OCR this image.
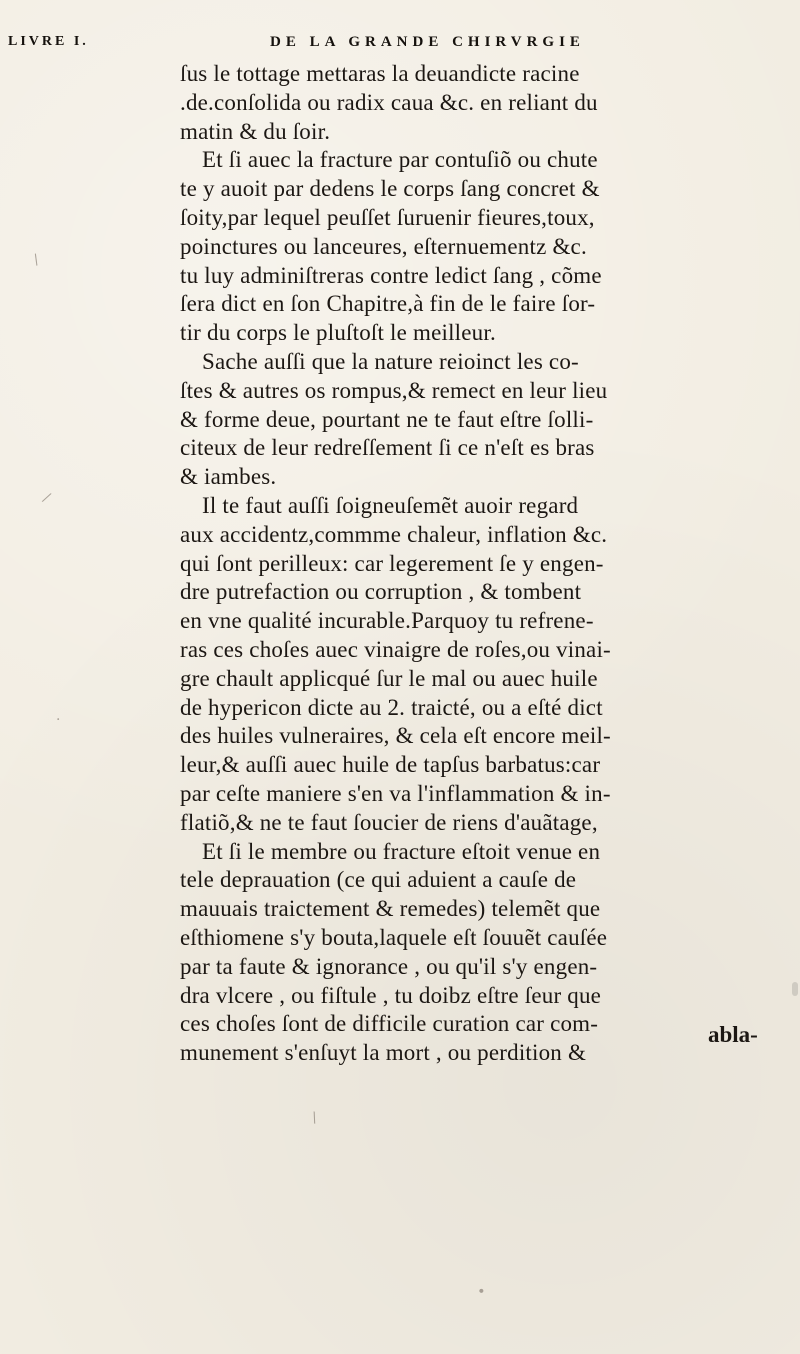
LIVRE I.	DE LA GRANDE CHIRVRGIE
ſus le tottage mettaras la deuandicte racine
.de.conſolida ou radix caua &c. en reliant du
matin & du ſoir.
Et ſi auec la fracture par contuſiõ ou chute
te y auoit par dedens le corps ſang concret &
ſoity,par lequel peuſſet ſuruenir fieures,toux,
poinctures ou lanceures, eſternuementz &c.
tu luy adminiſtreras contre ledict ſang , cõme
ſera dict en ſon Chapitre,à fin de le faire ſor-
tir du corps le pluſtoſt le meilleur.
Sache auſſi que la nature reioinct les co-
ſtes & autres os rompus,& remect en leur lieu
& forme deue, pourtant ne te faut eſtre ſolli-
citeux de leur redreſſement ſi ce n'eſt es bras
& iambes.
Il te faut auſſi ſoigneuſemẽt auoir regard
aux accidentz,commme chaleur, inflation &c.
qui ſont perilleux: car legerement ſe y engen-
dre putrefaction ou corruption , & tombent
en vne qualité incurable.Parquoy tu refrene-
ras ces choſes auec vinaigre de roſes,ou vinai-
gre chault applicqué ſur le mal ou auec huile
de hypericon dicte au 2. traicté, ou a eſté dict
des huiles vulneraires, & cela eſt encore meil-
leur,& auſſi auec huile de tapſus barbatus:car
par ceſte maniere s'en va l'inflammation & in-
flatiõ,& ne te faut ſoucier de riens d'auãtage,
Et ſi le membre ou fracture eſtoit venue en
tele deprauation (ce qui aduient a cauſe de
mauuais traictement & remedes) telemẽt que
eſthiomene s'y bouta,laquele eſt ſouuẽt cauſée
par ta faute & ignorance , ou qu'il s'y engen-
dra vlcere , ou fiſtule , tu doibz eſtre ſeur que
ces choſes ſont de difficile curation car com-
munement s'enſuyt la mort , ou perdition &
abla-
/
/
·
\
•
